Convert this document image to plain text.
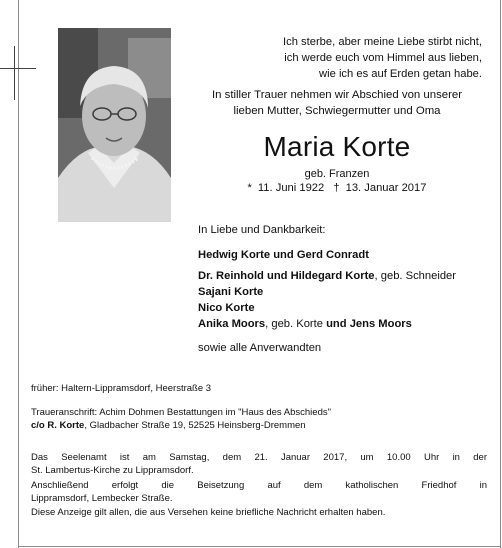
Ich sterbe, aber meine Liebe stirbt nicht,
ich werde euch vom Himmel aus lieben,
wie ich es auf Erden getan habe.
In stiller Trauer nehmen wir Abschied von unserer
lieben Mutter, Schwiegermutter und Oma
Maria Korte
geb. Franzen
* 11. Juni 1922 † 13. Januar 2017
In Liebe und Dankbarkeit:
Hedwig Korte und Gerd Conradt
Dr. Reinhold und Hildegard Korte, geb. Schneider
Sajani Korte
Nico Korte
Anika Moors, geb. Korte und Jens Moors
sowie alle Anverwandten
früher: Haltern-Lippramsdorf, Heerstraße 3
Traueranschrift: Achim Dohmen Bestattungen im "Haus des Abschieds"
c/o R. Korte, Gladbacher Straße 19, 52525 Heinsberg-Dremmen
Das Seelenamt ist am Samstag, dem 21. Januar 2017, um 10.00 Uhr in der
St. Lambertus-Kirche zu Lippramsdorf.
Anschließend erfolgt die Beisetzung auf dem katholischen Friedhof in
Lippramsdorf, Lembecker Straße.
Diese Anzeige gilt allen, die aus Versehen keine briefliche Nachricht erhalten haben.
